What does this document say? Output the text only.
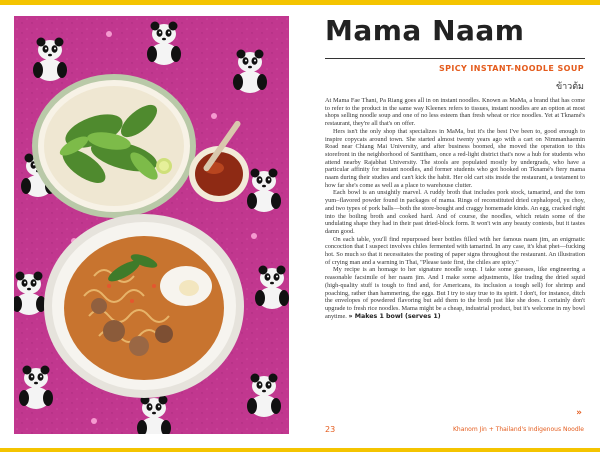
Mama Naam
SPICY INSTANT-NOODLE SOUP
ข้าวต้ม

At Mama Fae Thani, Pa Riang goes all in on instant noodles. Known as MaMa, a brand that has come to refer to the product in the same way Kleenex refers to tissues, instant noodles are an option at most shops selling noodle soup and one of no less esteem than fresh wheat or rice noodles. Yet at Tknamé's restaurant, they're all that's on offer.

Hers isn't the only shop that specializes in MaMa, but it's the best I've been to, good enough to inspire copycats around town. She started almost twenty years ago with a cart on Nimmanhaemin Road near Chiang Mai University, and after business boomed, she moved the operation to this storefront in the neighborhood of Santitham, once a red-light district that's now a hub for students who attend nearby Rajabhat University. The stools are populated mostly by undergrads, who have a particular affinity for instant noodles, and former students who got hooked on Tknamé's fiery mama naam during their studies and can't kick the habit. Her old cart sits inside the restaurant, a testament to how far she's come as well as a place to warehouse clutter.

Each bowl is an unsightly marvel. A ruddy broth that includes pork stock, tamarind, and the tom yum–flavored powder found in packages of mama. Rings of reconstituted dried cephalopod, yu choy, and two types of pork balls—both the store-bought and craggy homemade kinds. An egg, cracked right into the boiling broth and cooked hard. And of course, the noodles, which retain some of the undulating shape they had in their past dried-block form. It won't win any beauty contests, but it tastes damn good.

On each table, you'll find repurposed beer bottles filled with her famous naam jim, an enigmatic concoction that I suspect involves chiles fermented with tamarind. In any case, it's khat phet—fucking hot. So much so that it necessitates the posting of paper signs throughout the restaurant. An illustration of crying man and a warning in Thai, "Please taste first, the chiles are spicy."

My recipe is an homage to her signature noodle soup. I take some guesses, like engineering a reasonable facsimile of her naam jim. And I make some adjustments, like trading the dried squid (high-quality stuff is tough to find and, for Americans, its inclusion a tough sell) for shrimp and poaching, rather than hammering, the eggs. But I try to stay true to its spirit. I don't, for instance, ditch the envelopes of powdered flavoring but add them to the broth just like she does. I certainly don't upgrade to fresh rice noodles. Mama might be a cheap, industrial product, but it's welcome in my bowl anytime. » Makes 1 bowl (serves 1)

»
23	Khanom Jin + Thailand's Indigenous Noodle
